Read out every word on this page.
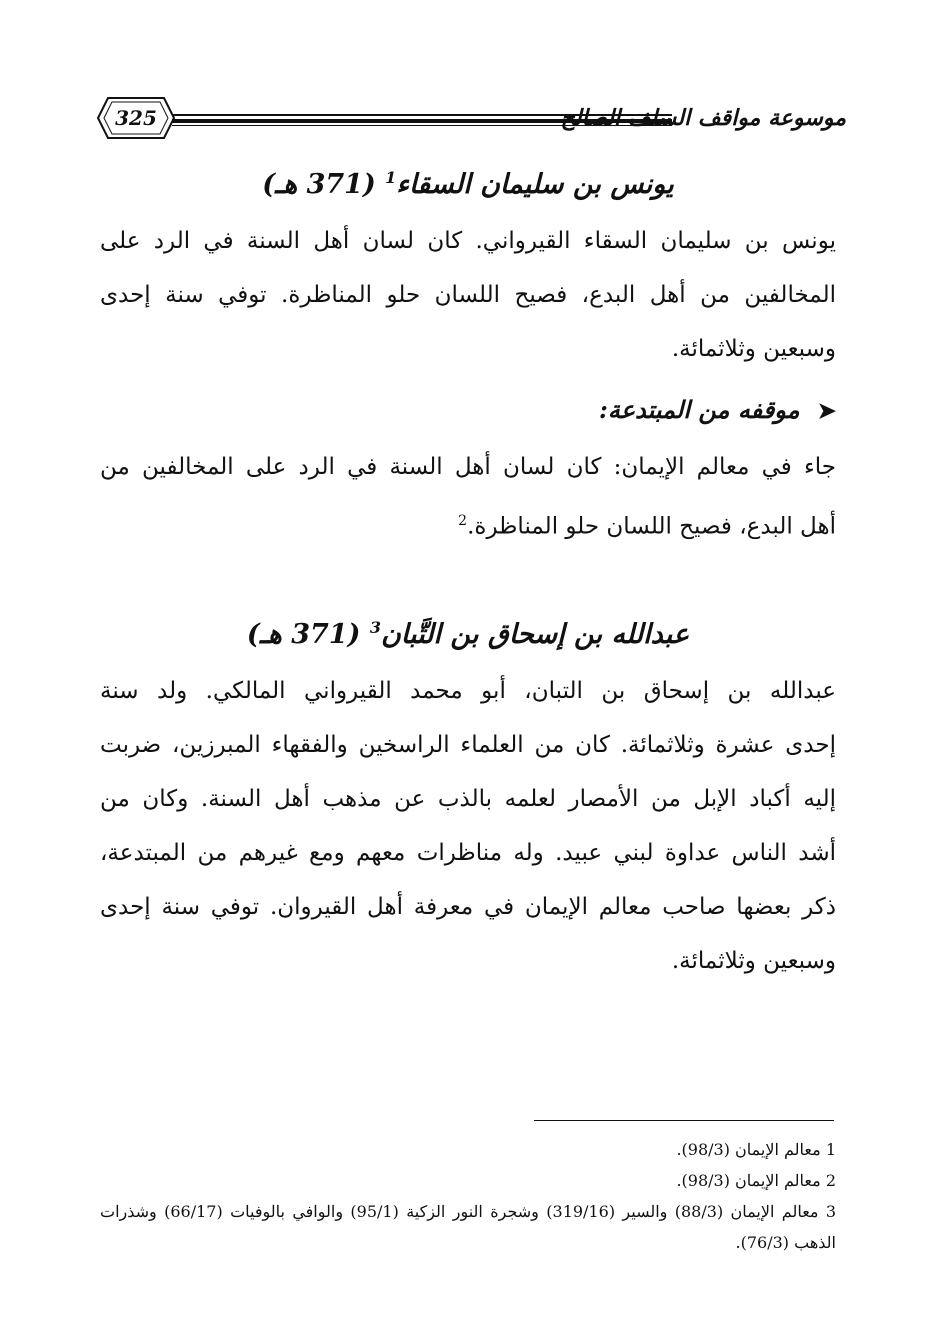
325	موسوعة مواقف السلف الصالح
يونس بن سليمان السقاء$^1$ (371 هـ)
يونس بن سليمان السقاء القيرواني. كان لسان أهل السنة في الرد على
المخالفين من أهل البدع، فصيح اللسان حلو المناظرة. توفي سنة إحدى
وسبعين وثلاثمائة.
➤موقفه من المبتدعة:
جاء في معالم الإيمان: كان لسان أهل السنة في الرد على المخالفين من
أهل البدع، فصيح اللسان حلو المناظرة.$^2$
عبدالله بن إسحاق بن التَّبان$^3$ (371 هـ)
عبدالله بن إسحاق بن التبان، أبو محمد القيرواني المالكي. ولد سنة
إحدى عشرة وثلاثمائة. كان من العلماء الراسخين والفقهاء المبرزين، ضربت
إليه أكباد الإبل من الأمصار لعلمه بالذب عن مذهب أهل السنة. وكان من
أشد الناس عداوة لبني عبيد. وله مناظرات معهم ومع غيرهم من المبتدعة،
ذكر بعضها صاحب معالم الإيمان في معرفة أهل القيروان. توفي سنة إحدى
وسبعين وثلاثمائة.
1 معالم الإيمان (98/3).
2 معالم الإيمان (98/3).
3 معالم الإيمان (88/3) والسير (319/16) وشجرة النور الزكية (95/1) والوافي بالوفيات (66/17) وشذرات
الذهب (76/3).
